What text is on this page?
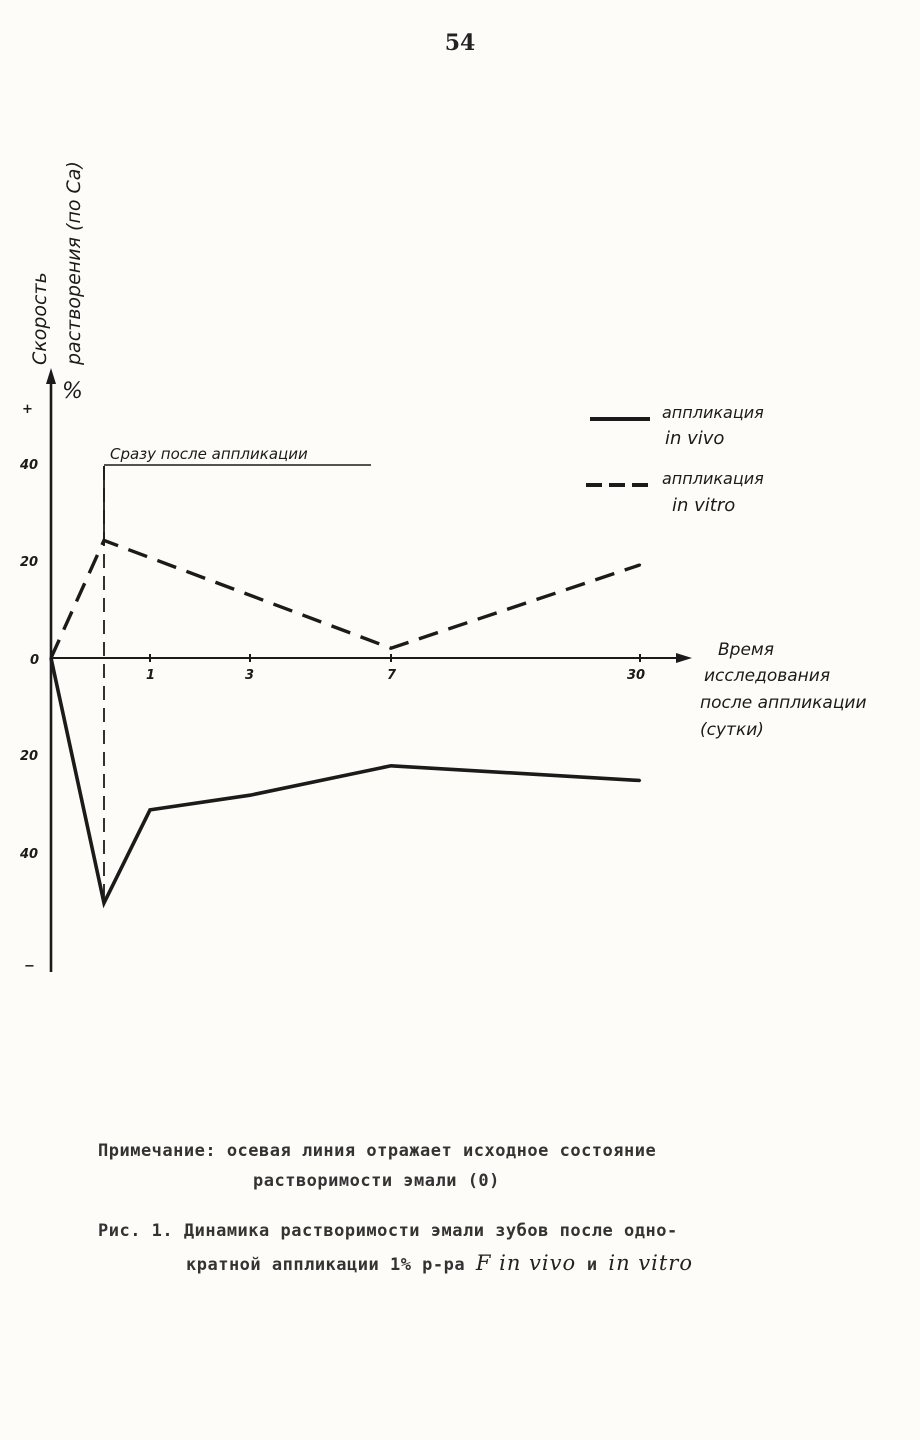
54
Сразу после аппликации
Скорость растворения (по Ca)
%
+
−
40
20
0
20
40
1	3	7	30
Время
исследования
после аппликации
(сутки)
аппликация
in vivo
аппликация
in vitro
Примечание: осевая линия отражает исходное состояние
растворимости эмали (0)
Рис. 1. Динамика растворимости эмали зубов после одно-
кратной аппликации 1% р-ра F in vivo и in vitro
